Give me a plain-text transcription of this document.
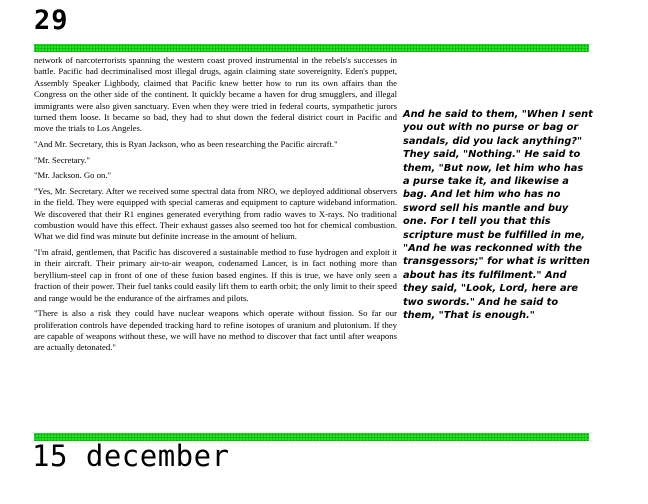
29

network of narcoterrorists spanning the western coast proved instrumental in the rebels's successes in battle. Pacific had decriminalised most illegal drugs, again claiming state sovereignity. Eden's puppet, Assembly Speaker Lighbody, claimed that Pacific knew better how to run its own affairs than the Congress on the other side of the continent. It quickly became a haven for drug smugglers, and illegal immigrants were also given sanctuary. Even when they were tried in federal courts, sympathetic jurors turned them loose. It became so bad, they had to shut down the federal district court in Pacific and move the trials to Los Angeles.

"And Mr. Secretary, this is Ryan Jackson, who as been researching the Pacific aircraft."

"Mr. Secretary."

"Mr. Jackson. Go on."

"Yes, Mr. Secretary. After we received some spectral data from NRO, we deployed additional observers in the field. They were equipped with special cameras and equipment to capture wideband information. We discovered that their R1 engines generated everything from radio waves to X-rays. No traditional combustion would have this effect. Their exhaust gasses also seemed too hot for chemical combustion. What we did find was minute but definite increase in the amount of helium.

"I'm afraid, gentlemen, that Pacific has discovered a sustainable method to fuse hydrogen and exploit it in their aircraft. Their primary air-to-air weapon, codenamed Lancer, is in fact nothing more than beryllium-steel cap in front of one of these fusion based engines. If this is true, we have only seen a fraction of their power. Their fuel tanks could easily lift them to earth orbit; the only limit to their speed and range would be the endurance of the airframes and pilots.

"There is also a risk they could have nuclear weapons which operate without fission. So far our proliferation controls have depended tracking hard to refine isotopes of uranium and plutonium. If they are capable of weapons without these, we will have no method to discover that fact until after weapons are actually detonated."

And he said to them, "When I sent you out with no purse or bag or sandals, did you lack anything?" They said, "Nothing." He said to them, "But now, let him who has a purse take it, and likewise a bag. And let him who has no sword sell his mantle and buy one. For I tell you that this scripture must be fulfilled in me, "And he was reckonned with the transgessors;" for what is written about has its fulfilment." And they said, "Look, Lord, here are two swords." And he said to them, "That is enough."
15 december
